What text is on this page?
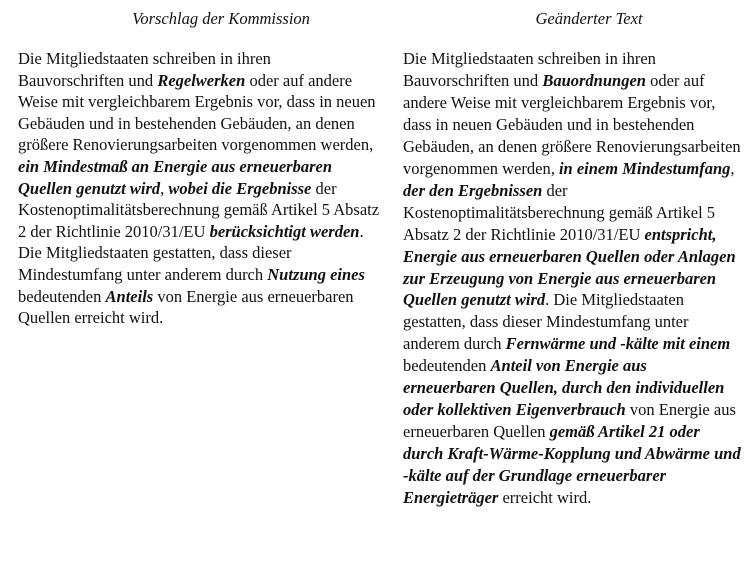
Vorschlag der Kommission

Die Mitgliedstaaten schreiben in ihren Bauvorschriften und Regelwerken oder auf andere Weise mit vergleichbarem Ergebnis vor, dass in neuen Gebäuden und in bestehenden Gebäuden, an denen größere Renovierungsarbeiten vorgenommen werden, ein Mindestmaß an Energie aus erneuerbaren Quellen genutzt wird, wobei die Ergebnisse der Kostenoptimalitätsberechnung gemäß Artikel 5 Absatz 2 der Richtlinie 2010/31/EU berücksichtigt werden. Die Mitgliedstaaten gestatten, dass dieser Mindestumfang unter anderem durch Nutzung eines bedeutenden Anteils von Energie aus erneuerbaren Quellen erreicht wird.

Geänderter Text

Die Mitgliedstaaten schreiben in ihren Bauvorschriften und Bauordnungen oder auf andere Weise mit vergleichbarem Ergebnis vor, dass in neuen Gebäuden und in bestehenden Gebäuden, an denen größere Renovierungsarbeiten vorgenommen werden, in einem Mindestumfang, der den Ergebnissen der Kostenoptimalitätsberechnung gemäß Artikel 5 Absatz 2 der Richtlinie 2010/31/EU entspricht, Energie aus erneuerbaren Quellen oder Anlagen zur Erzeugung von Energie aus erneuerbaren Quellen genutzt wird. Die Mitgliedstaaten gestatten, dass dieser Mindestumfang unter anderem durch Fernwärme und -kälte mit einem bedeutenden Anteil von Energie aus erneuerbaren Quellen, durch den individuellen oder kollektiven Eigenverbrauch von Energie aus erneuerbaren Quellen gemäß Artikel 21 oder durch Kraft-Wärme-Kopplung und Abwärme und -kälte auf der Grundlage erneuerbarer Energieträger erreicht wird.
